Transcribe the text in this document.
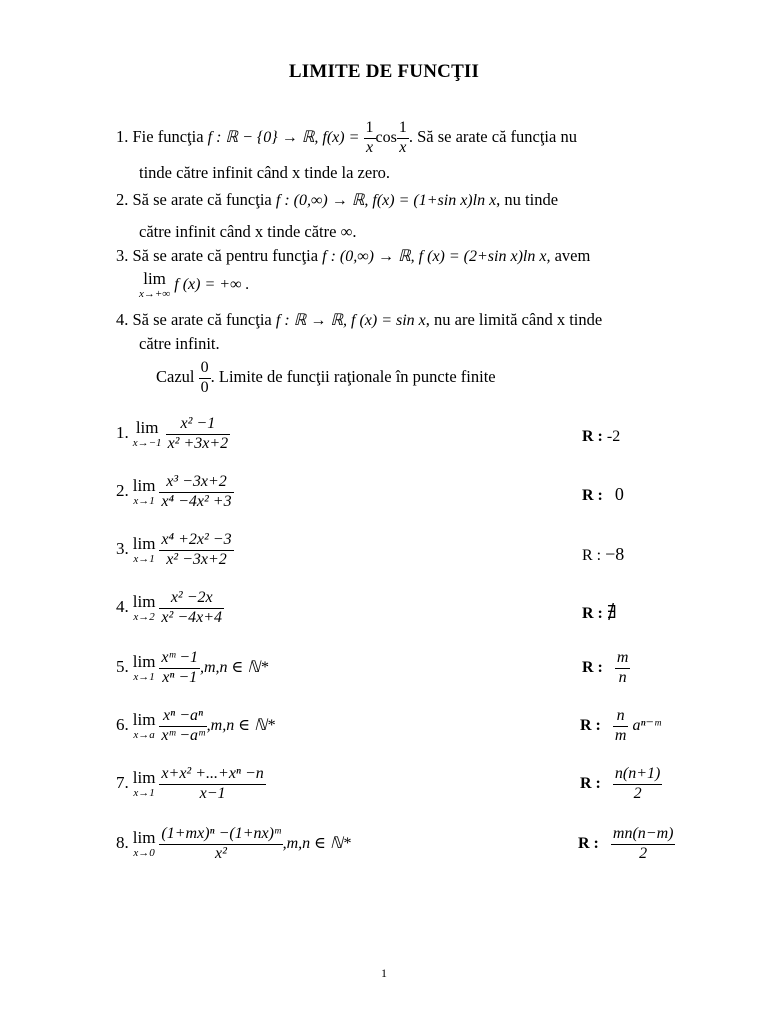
LIMITE DE FUNCŢII
1. Fie funcţia f : ℝ − {0} → ℝ, $f(x) = \frac{1}{x}$ $\cos \frac{1}{x}$ . Să se arate că funcţia nu
tinde către infinit când x tinde la zero.
2. Să se arate că funcţia f : (0,∞) → ℝ, f(x) = (1+sin x)ln x, nu tinde
către infinit când x tinde către ∞.
3. Să se arate că pentru funcţia f : (0,∞) → ℝ, f (x) = (2+sin x)ln x, avem
lim
x→+∞
f (x) = +∞ .
4. Să se arate că funcţia f : ℝ → ℝ, f (x) = sin x, nu are limită când x tinde
către infinit.
Cazul $\frac{0}{0}$ . Limite de funcţii raţionale în puncte finite
1. lim
x→−1
$\frac{\text{x² −1}}{\text{x² +3x+2}}$	R : -2
2. lim
x→1
$\frac{\text{x³ −3x+2}}{\text{x⁴ −4x² +3}}$	R : 0
3. lim
x→1
$\frac{\text{x⁴ +2x² −3}}{\text{x² −3x+2}}$	R : −8
4. lim
x→2
$\frac{\text{x² −2x}}{\text{x² −4x+4}}$	R : ∄
5. lim
x→1
$\frac{\text{xᵐ −1}}{\text{xⁿ −1}} ,m,n$ ∈ ℕ*	R : $\frac{m}{n}$
6. lim
x→a
$\frac{\text{xⁿ −aⁿ}}{\text{xᵐ −aᵐ}} ,m,n$ ∈ ℕ*	R : $\frac{n}{m}$ aⁿ⁻ᵐ
7. lim
x→1
$\frac{\text{x+x² +...+xⁿ −n}}{x-1}$	R : $\frac{n(n+1)}{2}$
8. lim
x→0
$\frac{\text{(1+mx)ⁿ −(1+nx)ᵐ}}{\text{x²}} ,m,n$ ∈ ℕ*	R : $\frac{mn(n-m)}{2}$
1
